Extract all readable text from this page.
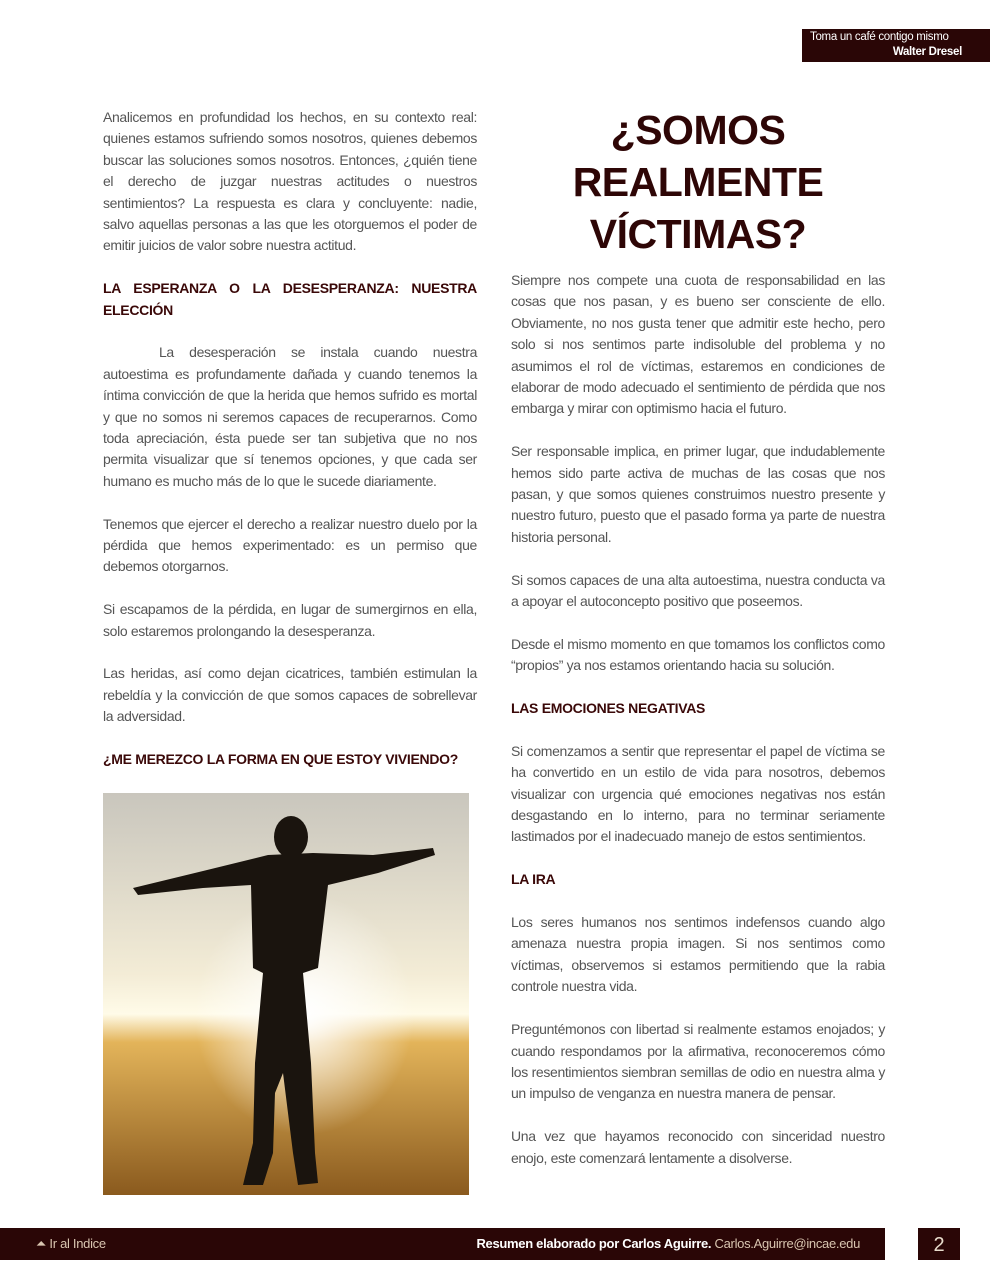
Toma un café contigo mismo
Walter Dresel

Analicemos en profundidad los hechos, en su contexto real: quienes estamos sufriendo somos nosotros, quienes debemos buscar las soluciones somos nosotros. Entonces, ¿quién tiene el derecho de juzgar nuestras actitudes o nuestros sentimientos? La respuesta es clara y concluyente: nadie, salvo aquellas personas a las que les otorguemos el poder de emitir juicios de valor sobre nuestra actitud.

LA ESPERANZA O LA DESESPERANZA: NUESTRA ELECCIÓN

La desesperación se instala cuando nuestra autoestima es profundamente dañada y cuando tenemos la íntima convicción de que la herida que hemos sufrido es mortal y que no somos ni seremos capaces de recuperarnos. Como toda apreciación, ésta puede ser tan subjetiva que no nos permita visualizar que sí tenemos opciones, y que cada ser humano es mucho más de lo que le sucede diariamente.

Tenemos que ejercer el derecho a realizar nuestro duelo por la pérdida que hemos experimentado: es un permiso que debemos otorgarnos.

Si escapamos de la pérdida, en lugar de sumergirnos en ella, solo estaremos prolongando la desesperanza.

Las heridas, así como dejan cicatrices, también estimulan la rebeldía y la convicción de que somos capaces de sobrellevar la adversidad.

¿ME MEREZCO LA FORMA EN QUE ESTOY VIVIENDO?
¿SOMOS REALMENTE VÍCTIMAS?

Siempre nos compete una cuota de responsabilidad en las cosas que nos pasan, y es bueno ser consciente de ello. Obviamente, no nos gusta tener que admitir este hecho, pero solo si nos sentimos parte indisoluble del problema y no asumimos el rol de víctimas, estaremos en condiciones de elaborar de modo adecuado el sentimiento de pérdida que nos embarga y mirar con optimismo hacia el futuro.

Ser responsable implica, en primer lugar, que indudablemente hemos sido parte activa de muchas de las cosas que nos pasan, y que somos quienes construimos nuestro presente y nuestro futuro, puesto que el pasado forma ya parte de nuestra historia personal.

Si somos capaces de una alta autoestima, nuestra conducta va a apoyar el autoconcepto positivo que poseemos.

Desde el mismo momento en que tomamos los conflictos como “propios” ya nos estamos orientando hacia su solución.

LAS EMOCIONES NEGATIVAS

Si comenzamos a sentir que representar el papel de víctima se ha convertido en un estilo de vida para nosotros, debemos visualizar con urgencia qué emociones negativas nos están desgastando en lo interno, para no terminar seriamente lastimados por el inadecuado manejo de estos sentimientos.

LA IRA

Los seres humanos nos sentimos indefensos cuando algo amenaza nuestra propia imagen. Si nos sentimos como víctimas, observemos si estamos permitiendo que la rabia controle nuestra vida.

Preguntémonos con libertad si realmente estamos enojados; y cuando respondamos por la afirmativa, reconoceremos cómo los resentimientos siembran semillas de odio en nuestra alma y un impulso de venganza en nuestra manera de pensar.

Una vez que hayamos reconocido con sinceridad nuestro enojo, este comenzará lentamente a disolverse.

⏶ Ir al Indice	Resumen elaborado por Carlos Aguirre. Carlos.Aguirre@incae.edu	2
